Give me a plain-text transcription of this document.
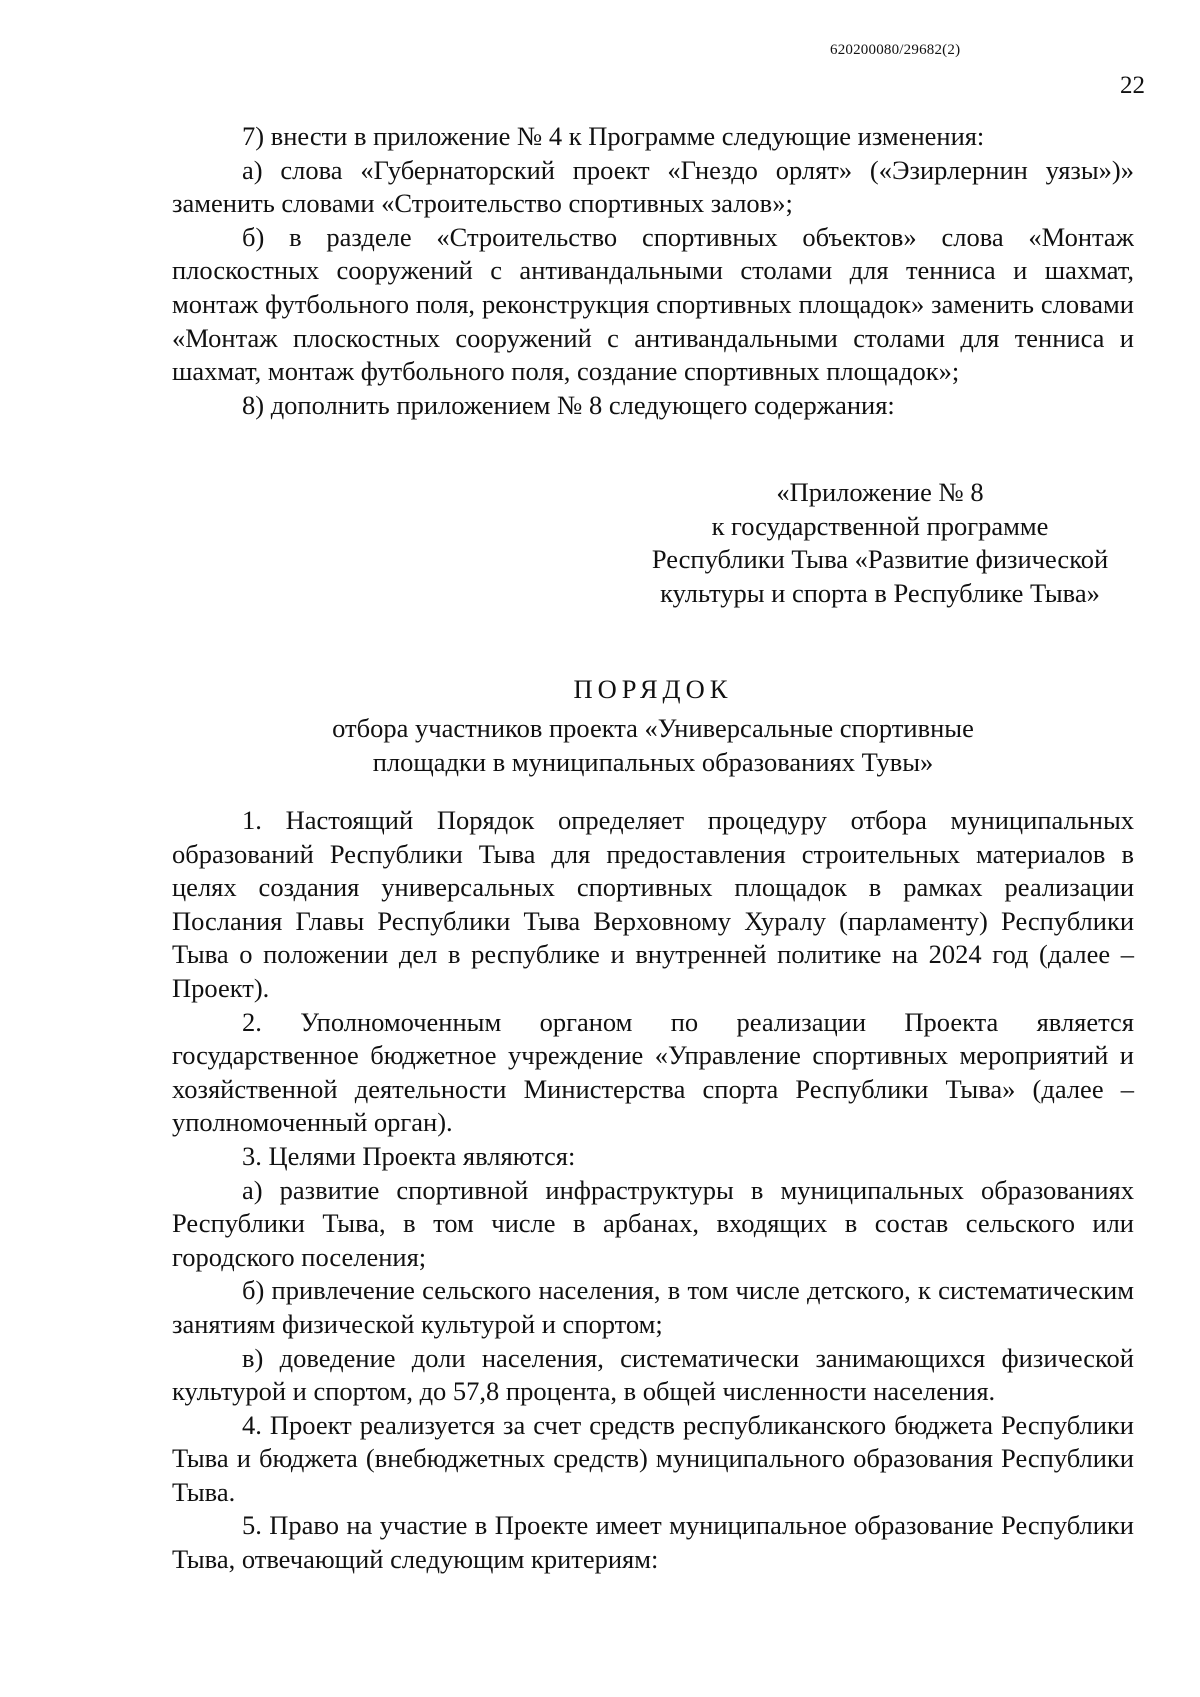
620200080/29682(2)
22

7) внести в приложение № 4 к Программе следующие изменения:

а) слова «Губернаторский проект «Гнездо орлят» («Эзирлернин уязы»)» заменить словами «Строительство спортивных залов»;

б) в разделе «Строительство спортивных объектов» слова «Монтаж плоскостных сооружений с антивандальными столами для тенниса и шахмат, монтаж футбольного поля, реконструкция спортивных площадок» заменить словами «Монтаж плоскостных сооружений с антивандальными столами для тенниса и шахмат, монтаж футбольного поля, создание спортивных площадок»;

8) дополнить приложением № 8 следующего содержания:

«Приложение № 8
к государственной программе
Республики Тыва «Развитие физической
культуры и спорта в Республике Тыва»
ПОРЯДОК
отбора участников проекта «Универсальные спортивные
площадки в муниципальных образованиях Тувы»

1. Настоящий Порядок определяет процедуру отбора муниципальных образований Республики Тыва для предоставления строительных материалов в целях создания универсальных спортивных площадок в рамках реализации Послания Главы Республики Тыва Верховному Хуралу (парламенту) Республики Тыва о положении дел в республике и внутренней политике на 2024 год (далее – Проект).

2. Уполномоченным органом по реализации Проекта является государственное бюджетное учреждение «Управление спортивных мероприятий и хозяйственной деятельности Министерства спорта Республики Тыва» (далее – уполномоченный орган).

3. Целями Проекта являются:

а) развитие спортивной инфраструктуры в муниципальных образованиях Республики Тыва, в том числе в арбанах, входящих в состав сельского или городского поселения;

б) привлечение сельского населения, в том числе детского, к систематическим занятиям физической культурой и спортом;

в) доведение доли населения, систематически занимающихся физической культурой и спортом, до 57,8 процента, в общей численности населения.

4. Проект реализуется за счет средств республиканского бюджета Республики Тыва и бюджета (внебюджетных средств) муниципального образования Республики Тыва.

5. Право на участие в Проекте имеет муниципальное образование Республики Тыва, отвечающий следующим критериям:
